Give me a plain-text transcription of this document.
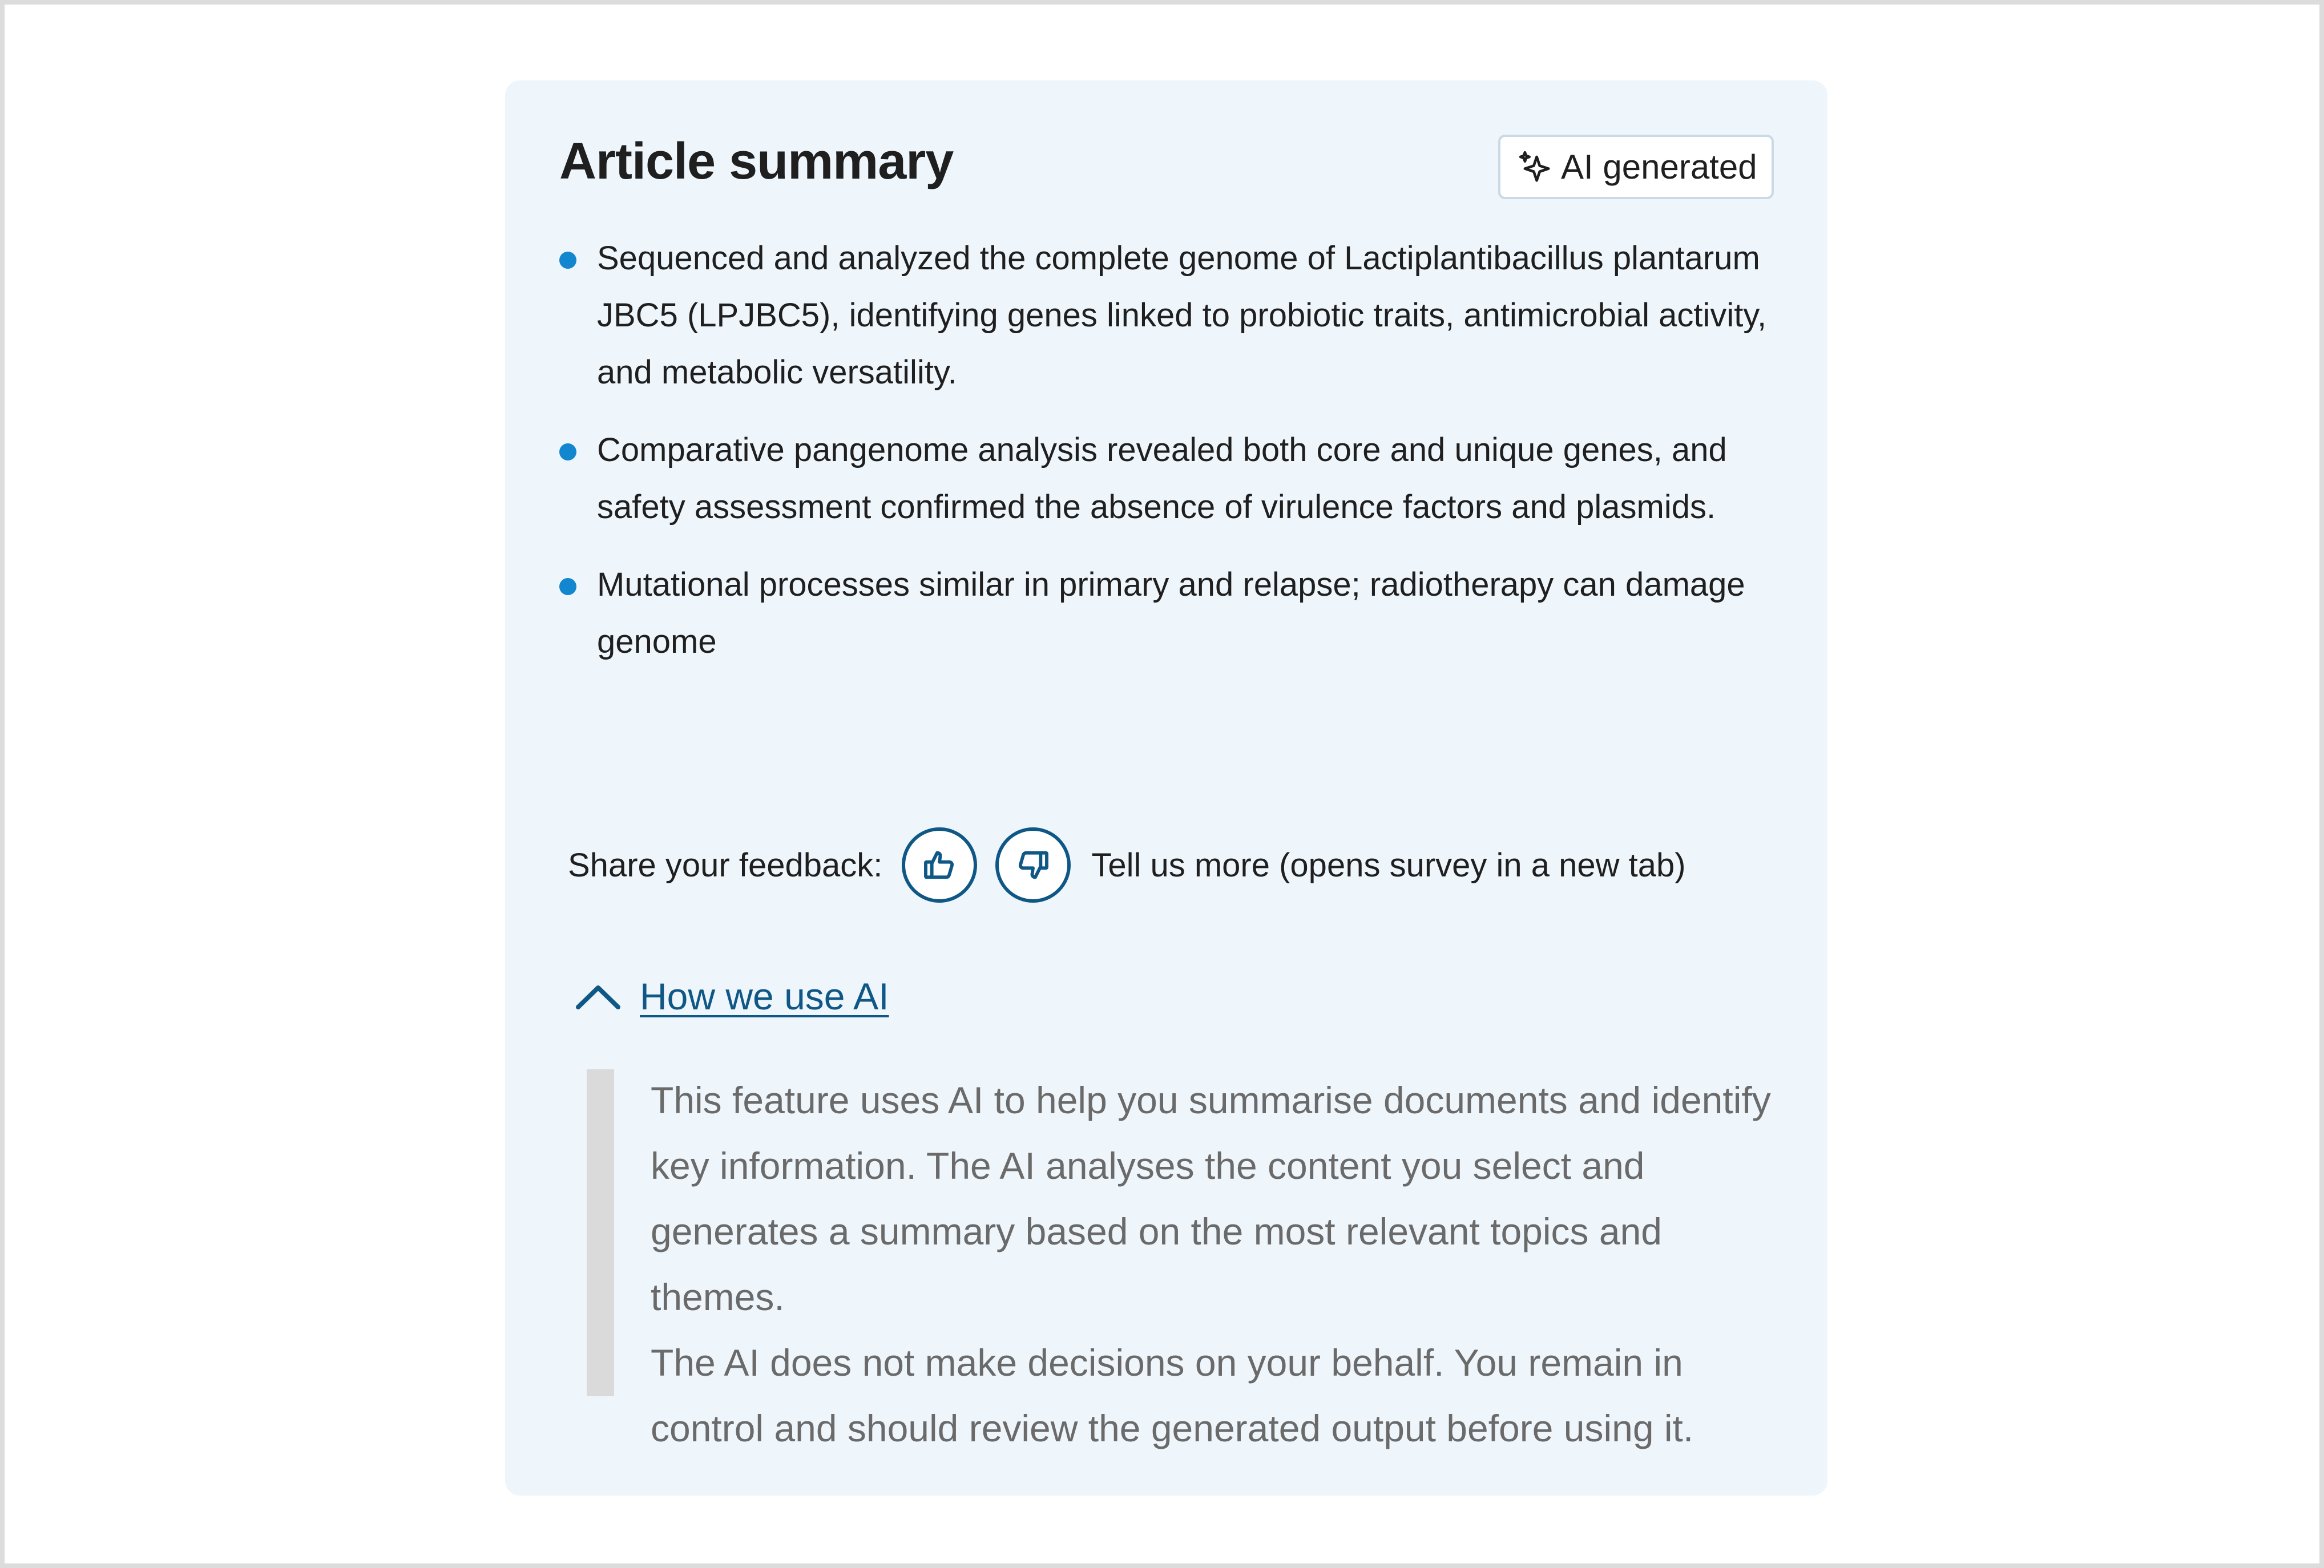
Article summary	AI generated
Sequenced and analyzed the complete genome of Lactiplantibacillus plantarum JBC5 (LPJBC5), identifying genes linked to probiotic traits, antimicrobial activity, and metabolic versatility.
Comparative pangenome analysis revealed both core and unique genes, and safety assessment confirmed the absence of virulence factors and plasmids.
Mutational processes similar in primary and relapse; radiotherapy can damage genome
Share your feedback:	Tell us more (opens survey in a new tab)
How we use AI

This feature uses AI to help you summarise documents and identify key information. The AI analyses the content you select and generates a summary based on the most relevant topics and themes.

The AI does not make decisions on your behalf. You remain in control and should review the generated output before using it.
